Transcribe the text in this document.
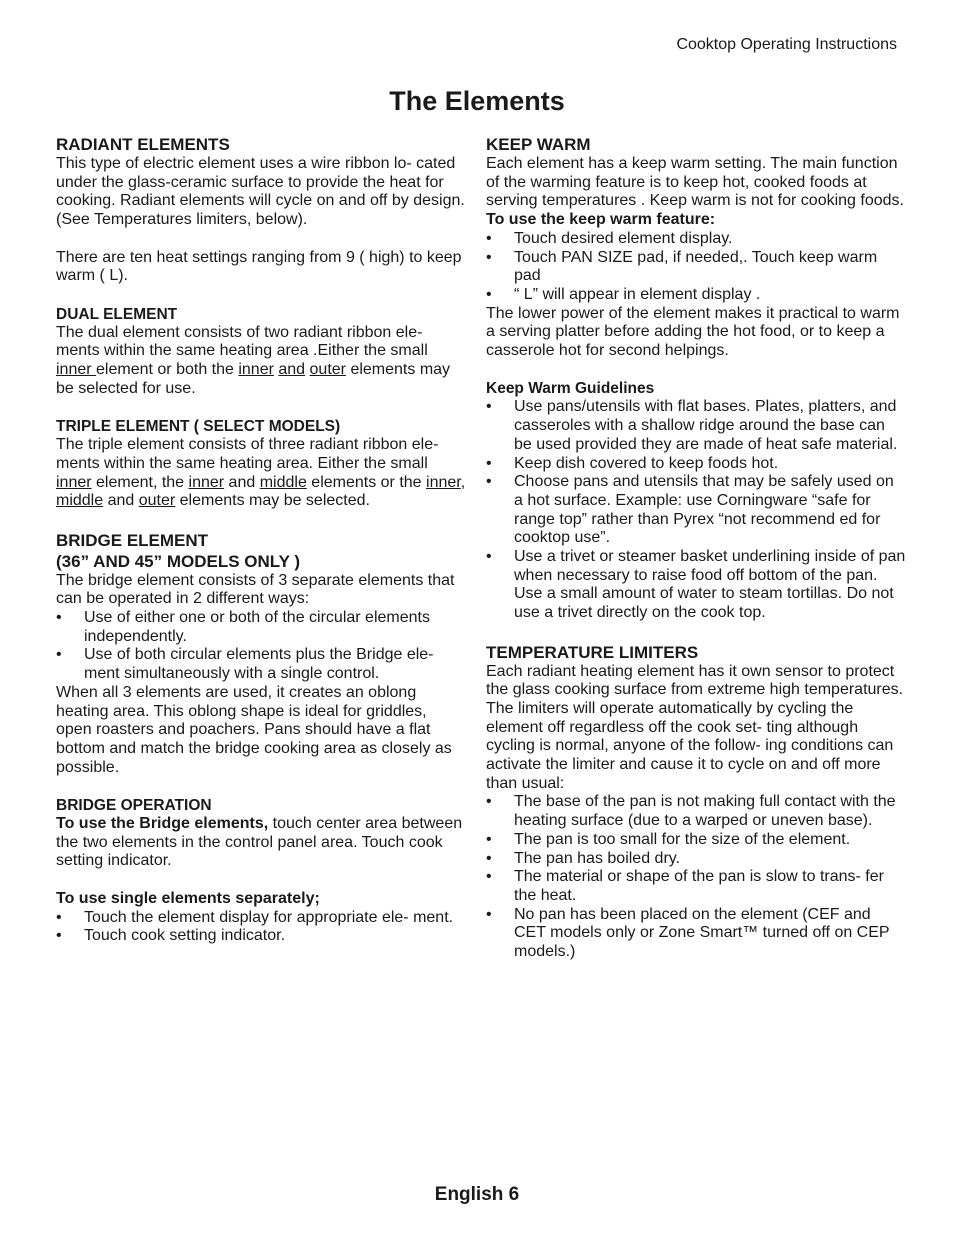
Cooktop Operating Instructions
The Elements
RADIANT ELEMENTS

This type of electric element uses a wire ribbon lo- cated under the glass-ceramic surface to provide the heat for cooking. Radiant elements will cycle on and off by design. (See Temperatures limiters, below).

There are ten heat settings ranging from 9 ( high) to keep warm ( L).

DUAL ELEMENT

The dual element consists of two radiant ribbon ele- ments within the same heating area .Either the small inner element or both the inner and outer elements may be selected for use.

TRIPLE ELEMENT ( SELECT MODELS)

The triple element consists of three radiant ribbon ele- ments within the same heating area. Either the small inner element, the inner and middle elements or the inner, middle and outer elements may be selected.

BRIDGE ELEMENT
(36” AND 45” MODELS ONLY )

The bridge element consists of 3 separate elements that can be operated in 2 different ways:

• Use of either one or both of the circular elements independently.
• Use of both circular elements plus the Bridge ele- ment simultaneously with a single control.

When all 3 elements are used, it creates an oblong heating area. This oblong shape is ideal for griddles, open roasters and poachers. Pans should have a flat bottom and match the bridge cooking area as closely as possible.

BRIDGE OPERATION

To use the Bridge elements, touch center area between the two elements in the control panel area. Touch cook setting indicator.

To use single elements separately;

• Touch the element display for appropriate ele- ment.
• Touch cook setting indicator.
KEEP WARM

Each element has a keep warm setting. The main function of the warming feature is to keep hot, cooked foods at serving temperatures . Keep warm is not for cooking foods.

To use the keep warm feature:

• Touch desired element display.
• Touch PAN SIZE pad, if needed,. Touch keep warm pad
• “ L” will appear in element display .

The lower power of the element makes it practical to warm a serving platter before adding the hot food, or to keep a casserole hot for second helpings.

Keep Warm Guidelines
• Use pans/utensils with flat bases. Plates, platters, and casseroles with a shallow ridge around the base can be used provided they are made of heat safe material.
• Keep dish covered to keep foods hot.
• Choose pans and utensils that may be safely used on a hot surface. Example: use Corningware “safe for range top” rather than Pyrex “not recommend ed for cooktop use”.
• Use a trivet or steamer basket underlining inside of pan when necessary to raise food off bottom of the pan. Use a small amount of water to steam tortillas. Do not use a trivet directly on the cook top.
TEMPERATURE LIMITERS

Each radiant heating element has it own sensor to protect the glass cooking surface from extreme high temperatures. The limiters will operate automatically by cycling the element off regardless off the cook set- ting although cycling is normal, anyone of the follow- ing conditions can activate the limiter and cause it to cycle on and off more than usual:

• The base of the pan is not making full contact with the heating surface (due to a warped or uneven base).
• The pan is too small for the size of the element.
• The pan has boiled dry.
• The material or shape of the pan is slow to trans- fer the heat.
• No pan has been placed on the element (CEF and CET models only or Zone Smart™ turned off on CEP models.)
English 6
